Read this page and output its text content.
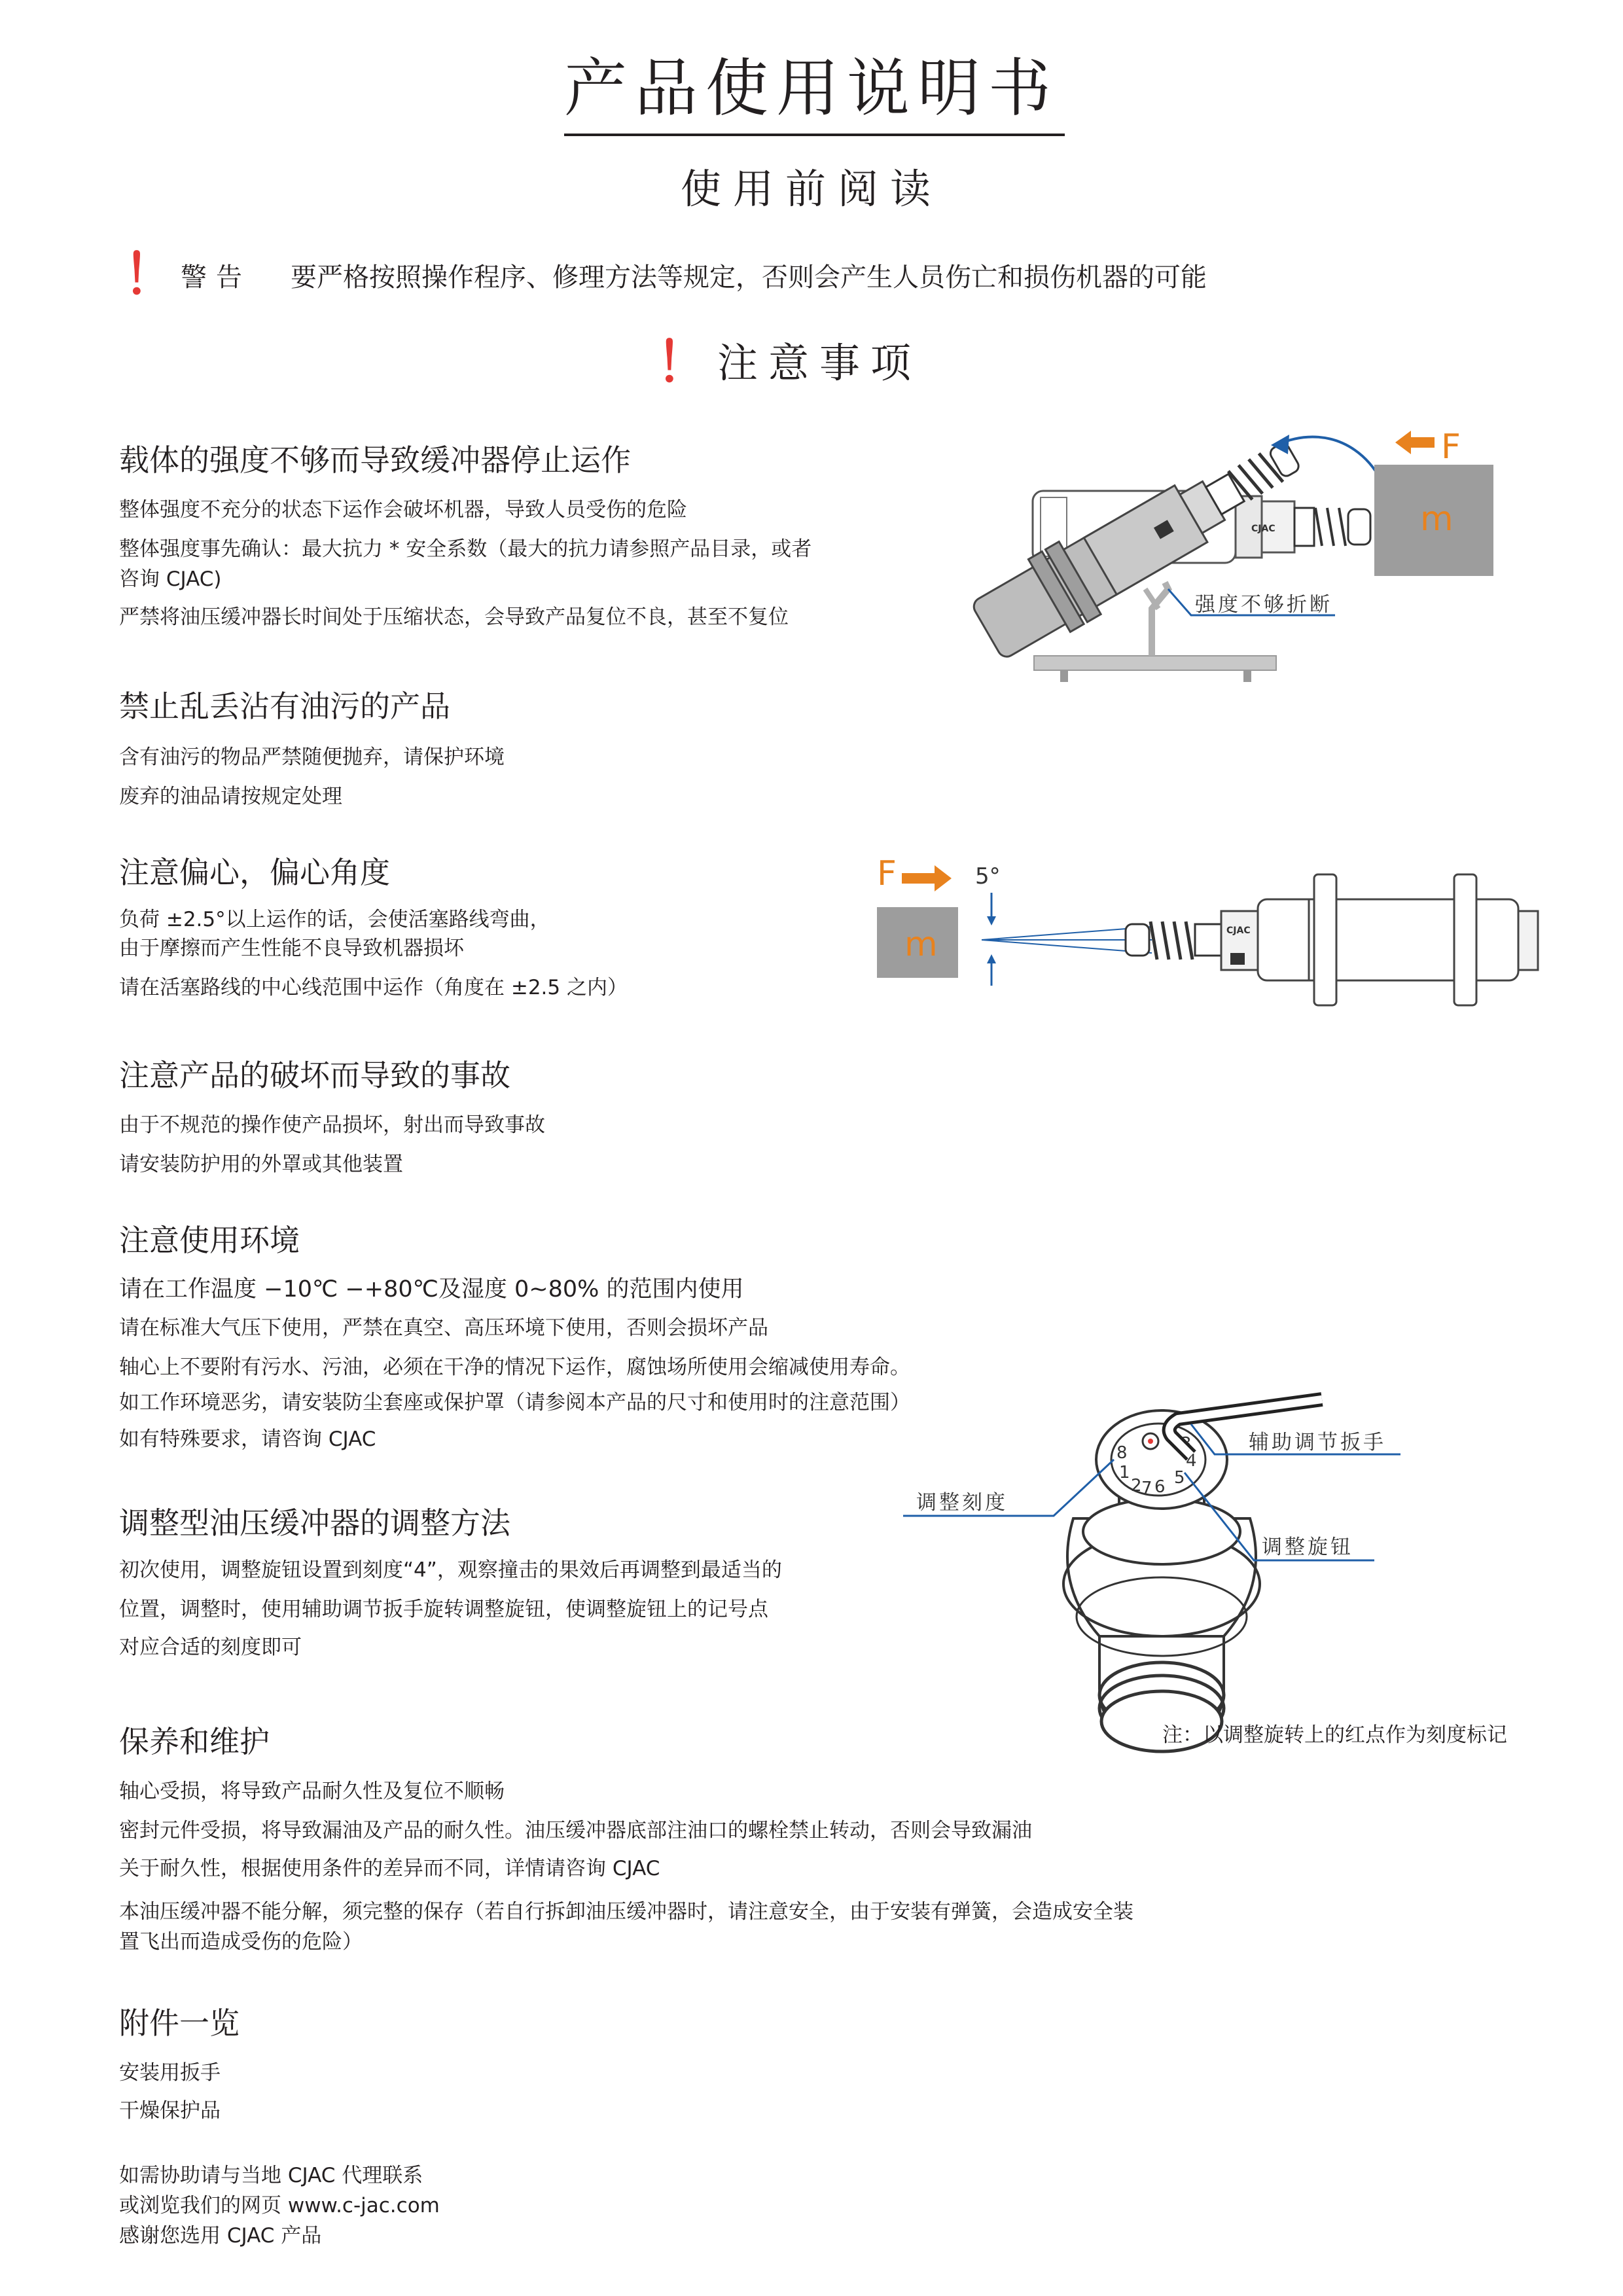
产品使用说明书
使用前阅读
！ 警告 要严格按照操作程序、修理方法等规定，否则会产生人员伤亡和损伤机器的可能
！ 注意事项
载体的强度不够而导致缓冲器停止运作
整体强度不充分的状态下运作会破坏机器，导致人员受伤的危险
整体强度事先确认：最大抗力 * 安全系数（最大的抗力请参照产品目录，或者
咨询 CJAC)
严禁将油压缓冲器长时间处于压缩状态，会导致产品复位不良，甚至不复位
禁止乱丢沾有油污的产品
含有油污的物品严禁随便抛弃，请保护环境
废弃的油品请按规定处理
注意偏心，偏心角度
负荷 ±2.5°以上运作的话，会使活塞路线弯曲，
由于摩擦而产生性能不良导致机器损坏
请在活塞路线的中心线范围中运作（角度在 ±2.5 之内）
注意产品的破坏而导致的事故
由于不规范的操作使产品损坏，射出而导致事故
请安装防护用的外罩或其他装置
注意使用环境
请在工作温度 −10℃ −+80℃及湿度 0~80% 的范围内使用
请在标准大气压下使用，严禁在真空、高压环境下使用，否则会损坏产品
轴心上不要附有污水、污油，必须在干净的情况下运作，腐蚀场所使用会缩减使用寿命。
如工作环境恶劣，请安装防尘套座或保护罩（请参阅本产品的尺寸和使用时的注意范围）
如有特殊要求，请咨询 CJAC
调整型油压缓冲器的调整方法
初次使用，调整旋钮设置到刻度“4”，观察撞击的果效后再调整到最适当的
位置，调整时，使用辅助调节扳手旋转调整旋钮，使调整旋钮上的记号点
对应合适的刻度即可
保养和维护
轴心受损，将导致产品耐久性及复位不顺畅
密封元件受损，将导致漏油及产品的耐久性。油压缓冲器底部注油口的螺栓禁止转动，否则会导致漏油
关于耐久性，根据使用条件的差异而不同，详情请咨询 CJAC
本油压缓冲器不能分解，须完整的保存（若自行拆卸油压缓冲器时，请注意安全，由于安装有弹簧，会造成安全装
置飞出而造成受伤的危险）
附件一览
安装用扳手
干燥保护品
如需协助请与当地 CJAC 代理联系
或浏览我们的网页 www.c-jac.com
感谢您选用 CJAC 产品
CJAC
强度不够折断
m
F
F
m
5°
CJAC
8
1
2
3
4
5
6
7
辅助调节扳手
调整刻度
调整旋钮
注：以调整旋转上的红点作为刻度标记
